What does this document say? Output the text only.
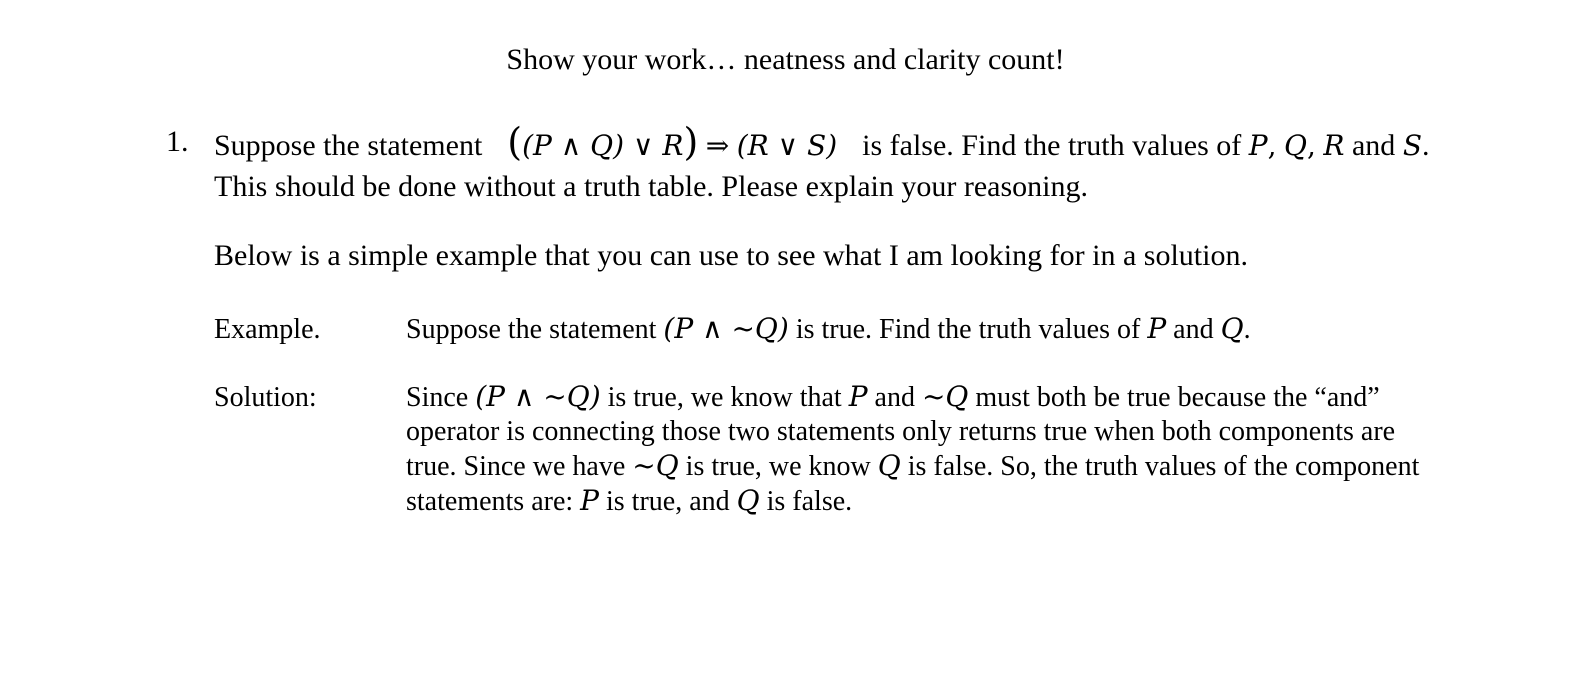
Show your work… neatness and clarity count!
1. Suppose the statement ((P ∧ Q) ∨ R) ⇒ (R ∨ S) is false. Find the truth values of P, Q, R and S.
This should be done without a truth table. Please explain your reasoning.
Below is a simple example that you can use to see what I am looking for in a solution.
Example.	Suppose the statement (P ∧ ~Q) is true. Find the truth values of P and Q.
Solution:	Since (P ∧ ~Q) is true, we know that P and ~Q must both be true because the “and”
operator is connecting those two statements only returns true when both components are
true. Since we have ~Q is true, we know Q is false. So, the truth values of the component
statements are: P is true, and Q is false.
